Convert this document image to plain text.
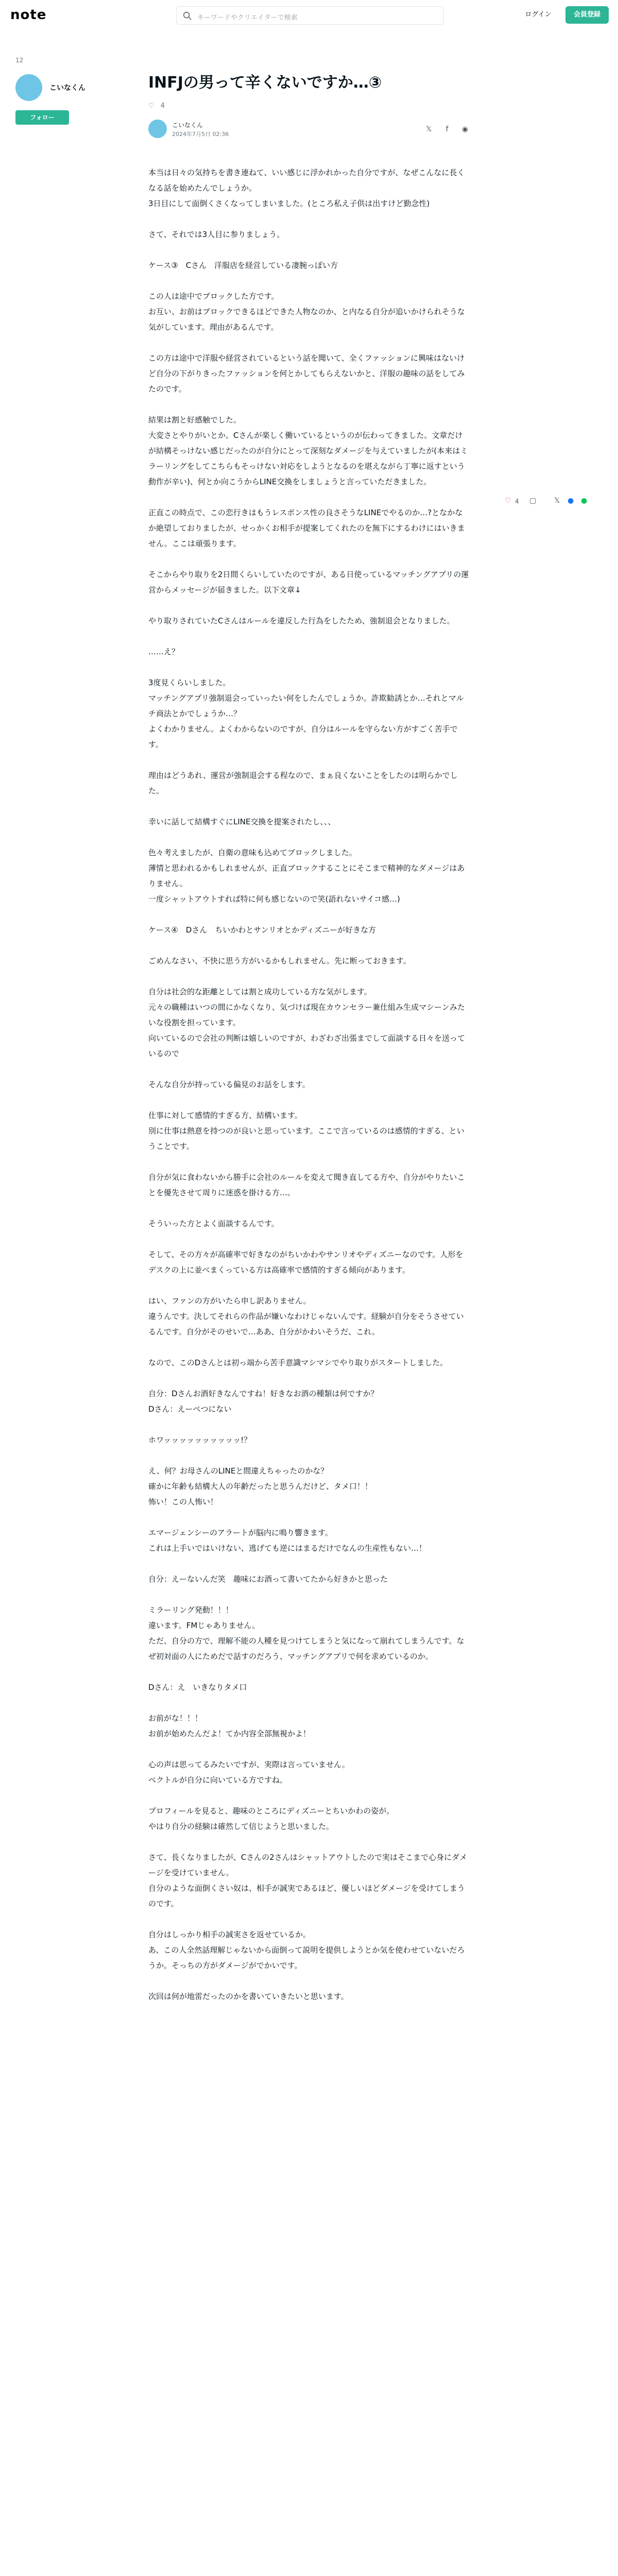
note	キーワードやクリエイターで検索	ログイン	会員登録
12
こいなくん
フォロー
INFJの男って辛くないですか…③
♡ 4
こいなくん
2024年7月5日 02:36
𝕏 f ◉

本当は日々の気持ちを書き連ねて、いい感じに浮かれかった自分ですが、なぜこんなに長くなる話を始めたんでしょうか。
3日目にして面倒くさくなってしまいました。(ところ私え子供は出すけど勤念性)

さて、それでは3人目に参りましょう。

ケース③　Cさん　洋服店を経営している凄腕っぽい方

この人は途中でブロックした方です。
お互い、お前はブロックできるほどできた人物なのか、と内なる自分が追いかけられそうな気がしています。理由があるんです。

この方は途中で洋服や経営されているという話を聞いて、全くファッションに興味はないけど自分の下がりきったファッションを何とかしてもらえないかと、洋服の趣味の話をしてみたのです。

結果は割と好感触でした。
大変さとやりがいとか。Cさんが楽しく働いているというのが伝わってきました。文章だけが結構そっけない感じだったのが自分にとって深刻なダメージを与えていましたが(本来はミラーリングをしてこちらもそっけない対応をしようとなるのを堪えながら丁寧に返すという動作が辛い)、何とか向こうからLINE交換をしましょうと言っていただきました。

正直この時点で、この恋行きはもうレスポンス性の良さそうなLINEでやるのか…?となかなか絶望しておりましたが、せっかくお相手が提案してくれたのを無下にするわけにはいきません。ここは頑張ります。

そこからやり取りを2日間くらいしていたのですが、ある日使っているマッチングアプリの運営からメッセージが届きました。以下文章↓

やり取りされていたCさんはルールを違反した行為をしたため、強制退会となりました。

……え？

3度見くらいしました。
マッチングアプリ強制退会っていったい何をしたんでしょうか。詐欺勧誘とか…それとマルチ商法とかでしょうか…？
よくわかりません。よくわからないのですが、自分はルールを守らない方がすごく苦手です。

理由はどうあれ、運営が強制退会する程なので、まぁ良くないことをしたのは明らかでした。

幸いに話して結構すぐにLINE交換を提案されたし、、、

色々考えましたが、自衛の意味も込めてブロックしました。
薄情と思われるかもしれませんが、正直ブロックすることにそこまで精神的なダメージはありません。
一度シャットアウトすれば特に何も感じないので笑(語れないサイコ感…)

ケース④　Dさん　ちいかわとサンリオとかディズニーが好きな方

ごめんなさい、不快に思う方がいるかもしれません。先に断っておきます。

自分は社会的な距離としては割と成功している方な気がします。
元々の職種はいつの間にかなくなり、気づけば現在カウンセラー兼仕組み生成マシーンみたいな役割を担っています。
向いているので会社の判断は嬉しいのですが、わざわざ出張までして面談する日々を送っているので

そんな自分が持っている偏見のお話をします。

仕事に対して感情的すぎる方、結構います。
別に仕事は熱意を持つのが良いと思っています。ここで言っているのは感情的すぎる、ということです。

自分が気に食わないから勝手に会社のルールを変えて聞き直してる方や、自分がやりたいことを優先させて周りに迷惑を掛ける方…。

そういった方とよく面談するんです。

そして、その方々が高確率で好きなのがちいかわやサンリオやディズニーなのです。人形をデスクの上に並べまくっている方は高確率で感情的すぎる傾向があります。

はい、ファンの方がいたら申し訳ありません。
違うんです。決してそれらの作品が嫌いなわけじゃないんです。経験が自分をそうさせているんです。自分がそのせいで…ああ、自分がかわいそうだ、これ。

なので、このDさんとは初っ端から苦手意識マシマシでやり取りがスタートしました。

自分：Dさんお酒好きなんですね！好きなお酒の種類は何ですか？
Dさん：えーぺつにない

ホワッッッッッッッッッッ!？

え、何？お母さんのLINEと間違えちゃったのかな？
確かに年齢も結構大人の年齢だったと思うんだけど、タメ口！！
怖い！この人怖い！

エマージェンシーのアラートが脳内に鳴り響きます。
これは上手いではいけない、逃げても逆にはまるだけでなんの生産性もない…！

自分：えーないんだ笑　趣味にお酒って書いてたから好きかと思った

ミラーリング発動！！！
違います。FMじゃありません。
ただ、自分の方で、理解不能の人種を見つけてしまうと気になって崩れてしまうんです。なぜ初対面の人にためだで話すのだろう、マッチングアプリで何を求めているのか。

Dさん：え　いきなりタメ口

お前がな！！！
お前が始めたんだよ！てか内容全部無視かよ！

心の声は思ってるみたいですが、実際は言っていません。
ベクトルが自分に向いている方ですね。

プロフィールを見ると、趣味のところにディズニーとちいかわの姿が。
やはり自分の経験は確然して信じようと思いました。

さて、長くなりましたが、Cさんの2さんはシャットアウトしたので実はそこまで心身にダメージを受けていません。
自分のような面倒くさい奴は、相手が誠実であるほど、優しいほどダメージを受けてしまうのです。

自分はしっかり相手の誠実さを返せているか。
あ、この人全然話理解じゃないから面倒って説明を提供しようとか気を使わせていないだろうか。そっちの方がダメージがでかいです。

次回は何が地雷だったのかを書いていきたいと思います。

♡ 4 ▢ 𝕏 ● ●
